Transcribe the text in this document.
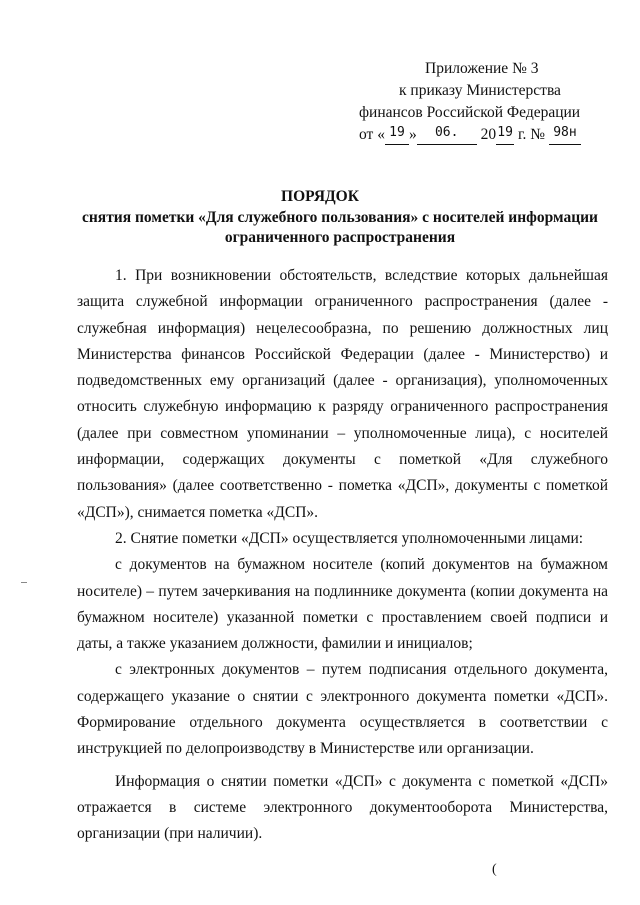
Приложение № 3
к приказу Министерства
финансов Российской Федерации
от « 19 » 06. 2019 г. № 98н
ПОРЯДОК
снятия пометки «Для служебного пользования» с носителей информации ограниченного распространения

1. При возникновении обстоятельств, вследствие которых дальнейшая защита служебной информации ограниченного распространения (далее - служебная информация) нецелесообразна, по решению должностных лиц Министерства финансов Российской Федерации (далее - Министерство) и подведомственных ему организаций (далее - организация), уполномоченных относить служебную информацию к разряду ограниченного распространения (далее при совместном упоминании – уполномоченные лица), с носителей информации, содержащих документы с пометкой «Для служебного пользования» (далее соответственно - пометка «ДСП», документы с пометкой «ДСП»), снимается пометка «ДСП».

2. Снятие пометки «ДСП» осуществляется уполномоченными лицами:

с документов на бумажном носителе (копий документов на бумажном носителе) – путем зачеркивания на подлиннике документа (копии документа на бумажном носителе) указанной пометки с проставлением своей подписи и даты, а также указанием должности, фамилии и инициалов;

с электронных документов – путем подписания отдельного документа, содержащего указание о снятии с электронного документа пометки «ДСП». Формирование отдельного документа осуществляется в соответствии с инструкцией по делопроизводству в Министерстве или организации.

Информация о снятии пометки «ДСП» с документа с пометкой «ДСП» отражается в системе электронного документооборота Министерства, организации (при наличии).

(
